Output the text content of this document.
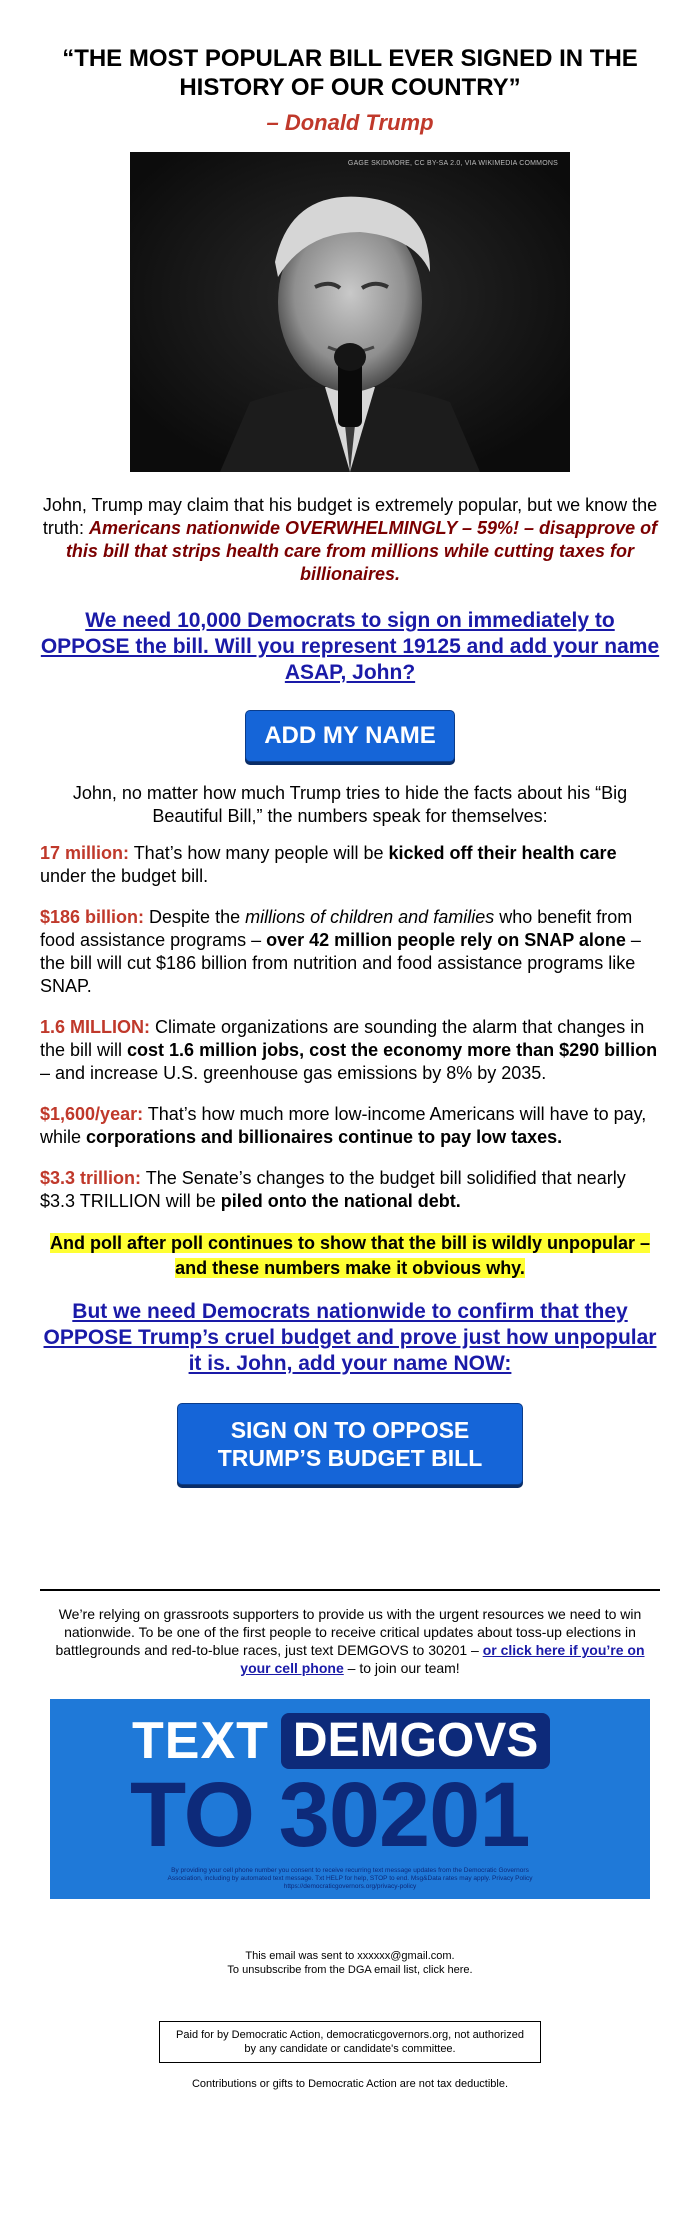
“THE MOST POPULAR BILL EVER SIGNED IN THE HISTORY OF OUR COUNTRY”

– Donald Trump

GAGE SKIDMORE, CC BY-SA 2.0, VIA WIKIMEDIA COMMONS

John, Trump may claim that his budget is extremely popular, but we know the truth: Americans nationwide OVERWHELMINGLY – 59%! – disapprove of this bill that strips health care from millions while cutting taxes for billionaires.

We need 10,000 Democrats to sign on immediately to OPPOSE the bill. Will you represent 19125 and add your name ASAP, John?

ADD MY NAME

John, no matter how much Trump tries to hide the facts about his “Big Beautiful Bill,” the numbers speak for themselves:

17 million: That’s how many people will be kicked off their health care under the budget bill.

$186 billion: Despite the millions of children and families who benefit from food assistance programs – over 42 million people rely on SNAP alone – the bill will cut $186 billion from nutrition and food assistance programs like SNAP.

1.6 MILLION: Climate organizations are sounding the alarm that changes in the bill will cost 1.6 million jobs, cost the economy more than $290 billion – and increase U.S. greenhouse gas emissions by 8% by 2035.

$1,600/year: That’s how much more low-income Americans will have to pay, while corporations and billionaires continue to pay low taxes.

$3.3 trillion: The Senate’s changes to the budget bill solidified that nearly $3.3 TRILLION will be piled onto the national debt.

And poll after poll continues to show that the bill is wildly unpopular – and these numbers make it obvious why.

But we need Democrats nationwide to confirm that they OPPOSE Trump’s cruel budget and prove just how unpopular it is. John, add your name NOW:

SIGN ON TO OPPOSE
TRUMP’S BUDGET BILL

We’re relying on grassroots supporters to provide us with the urgent resources we need to win nationwide. To be one of the first people to receive critical updates about toss-up elections in battlegrounds and red-to-blue races, just text DEMGOVS to 30201 – or click here if you’re on your cell phone – to join our team!

TEXT DEMGOVS
TO 30201
By providing your cell phone number you consent to receive recurring text message updates from the Democratic Governors Association, including by automated text message. Txt HELP for help, STOP to end. Msg&Data rates may apply. Privacy Policy https://democraticgovernors.org/privacy-policy
This email was sent to xxxxxx@gmail.com.
To unsubscribe from the DGA email list, click here.
Paid for by Democratic Action, democraticgovernors.org, not authorized by any candidate or candidate's committee.
Contributions or gifts to Democratic Action are not tax deductible.
